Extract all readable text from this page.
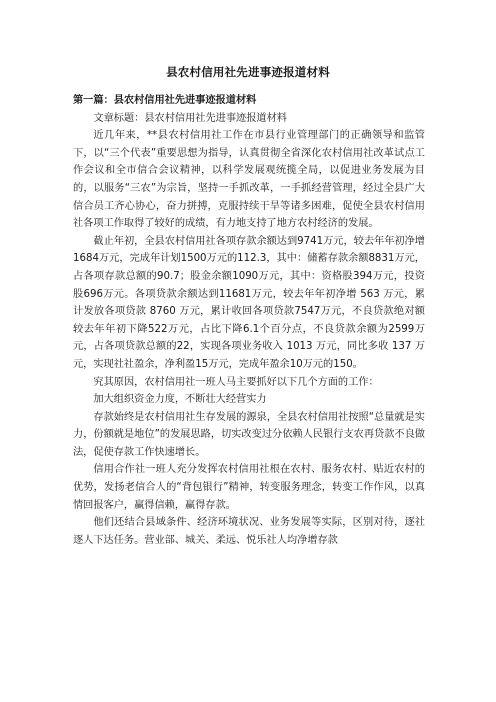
县农村信用社先进事迹报道材料

第一篇：县农村信用社先进事迹报道材料

文章标题：县农村信用社先进事迹报道材料

近几年来，**县农村信用社工作在市县行业管理部门的正确领导和监管下，以“三个代表”重要思想为指导，认真贯彻全省深化农村信用社改革试点工作会议和全市信合会议精神，以科学发展观统揽全局，以促进业务发展为目的，以服务“三农”为宗旨，坚持一手抓改革，一手抓经营管理，经过全县广大信合员工齐心协心，奋力拼搏，克服持续干旱等诸多困难，促使全县农村信用社各项工作取得了较好的成绩，有力地支持了地方农村经济的发展。

截止年初，全县农村信用社各项存款余额达到9741万元，较去年年初净增1684万元，完成年计划1500万元的112.3，其中：储蓄存款余额8831万元，占各项存款总额的90.7；股金余额1090万元，其中：资格股394万元，投资股696万元。各项贷款余额达到11681万元，较去年年初净增 563 万元，累计发放各项贷款 8760 万元，累计收回各项贷款7547万元，不良贷款绝对额较去年年初下降522万元，占比下降6.1个百分点，不良贷款余额为2599万元，占各项贷款总额的22，实现各项业务收入 1013 万元，同比多收 137 万元，实现社社盈余，净利盈15万元，完成年盈余10万元的150。

究其原因，农村信用社一班人马主要抓好以下几个方面的工作：

加大组织资金力度，不断壮大经营实力

存款始终是农村信用社生存发展的源泉，全县农村信用社按照“总量就是实力，份额就是地位”的发展思路，切实改变过分依赖人民银行支农再贷款不良做法，促使存款工作快速增长。

信用合作社一班人充分发挥农村信用社根在农村、服务农村、贴近农村的优势，发扬老信合人的“背包银行”精神，转变服务理念，转变工作作风，以真情回报客户，赢得信赖，赢得存款。

他们还结合县域条件、经济环境状况、业务发展等实际，区别对待，逐社逐人下达任务。营业部、城关、柔远、悦乐社人均净增存款
